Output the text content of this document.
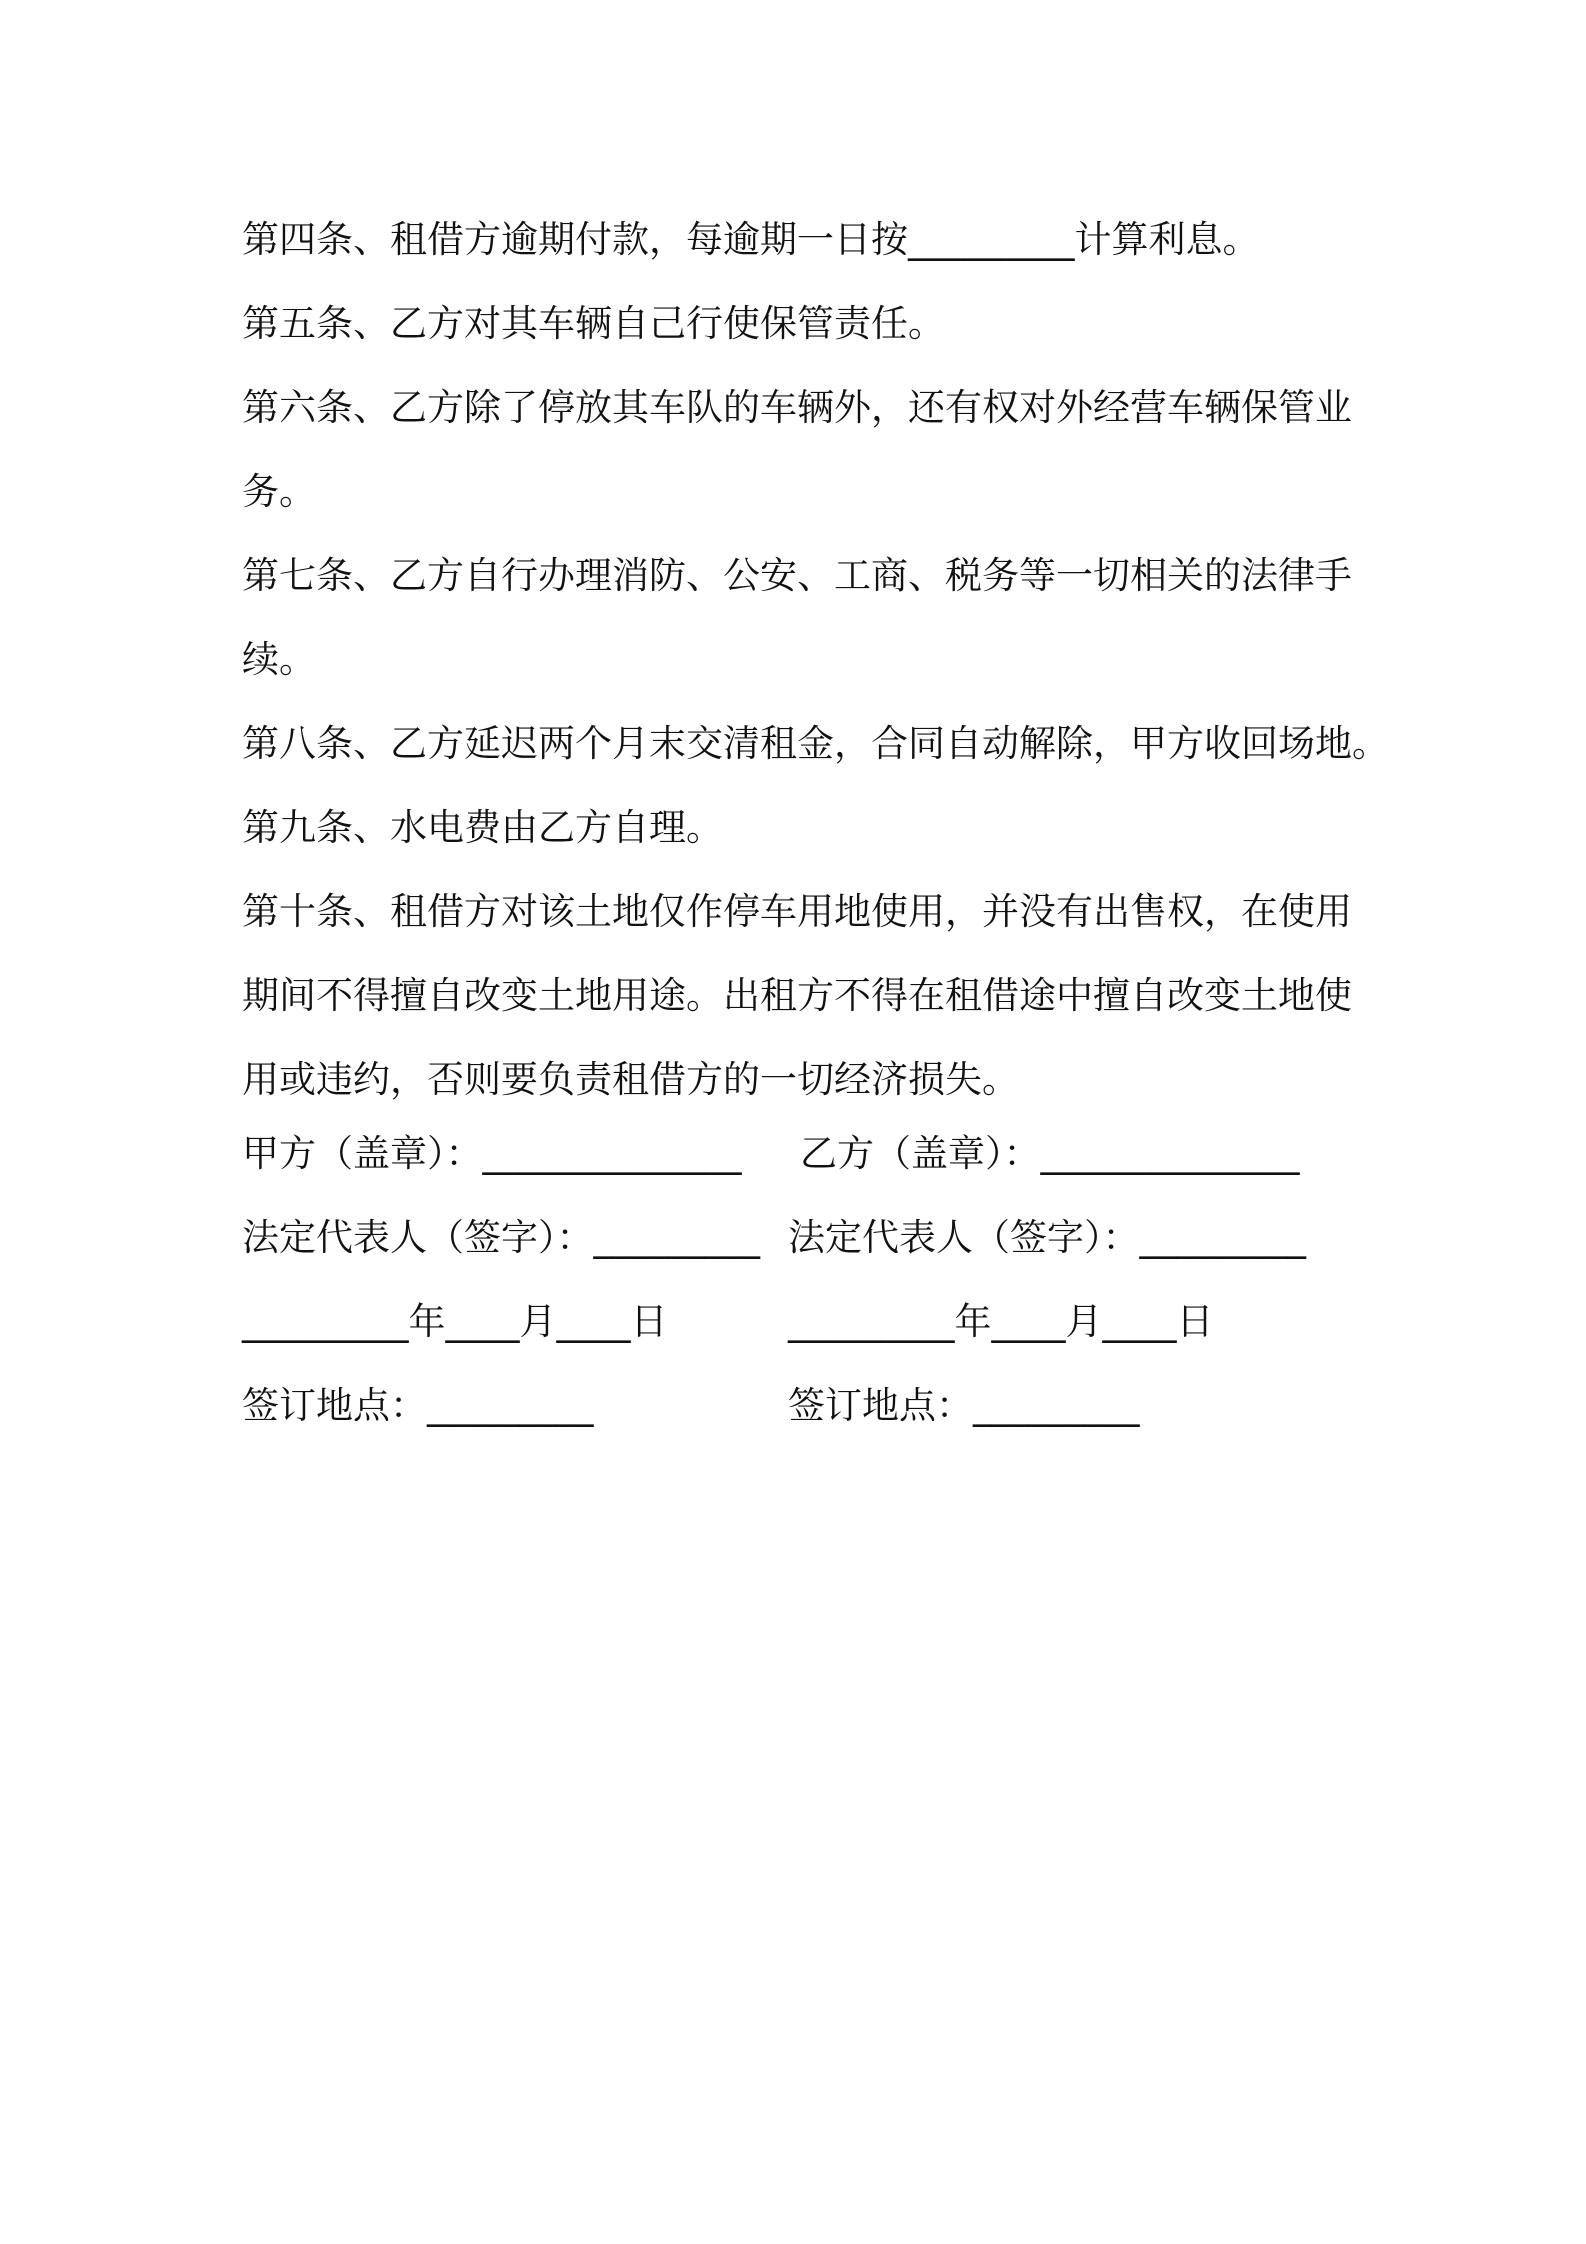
第四条、租借方逾期付款，每逾期一日按_________计算利息。
第五条、乙方对其车辆自己行使保管责任。
第六条、乙方除了停放其车队的车辆外，还有权对外经营车辆保管业
务。
第七条、乙方自行办理消防、公安、工商、税务等一切相关的法律手
续。
第八条、乙方延迟两个月末交清租金，合同自动解除，甲方收回场地。
第九条、水电费由乙方自理。
第十条、租借方对该土地仅作停车用地使用，并没有出售权，在使用
期间不得擅自改变土地用途。出租方不得在租借途中擅自改变土地使
用或违约，否则要负责租借方的一切经济损失。
甲方（盖章）：______________ 乙方（盖章）：______________
法定代表人（签字）：_________ 法定代表人（签字）：_________
_________年____月____日	_________年____月____日
签订地点：_________	签订地点：_________
